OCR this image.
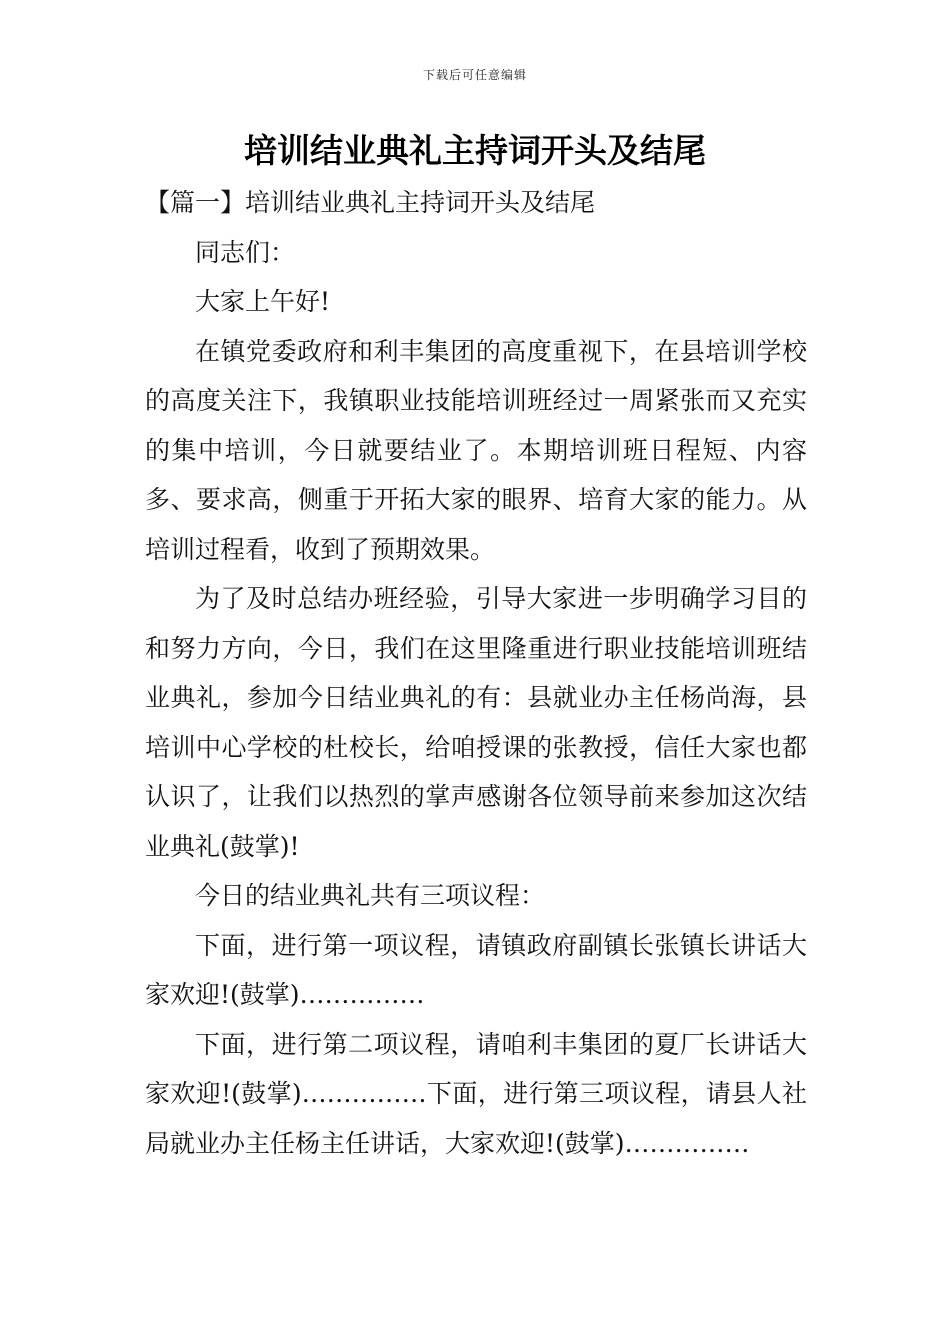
下载后可任意编辑
培训结业典礼主持词开头及结尾

【篇一】培训结业典礼主持词开头及结尾

同志们：

大家上午好!

在镇党委政府和利丰集团的高度重视下，在县培训学校的高度关注下，我镇职业技能培训班经过一周紧张而又充实的集中培训，今日就要结业了。本期培训班日程短、内容多、要求高，侧重于开拓大家的眼界、培育大家的能力。从培训过程看，收到了预期效果。

为了及时总结办班经验，引导大家进一步明确学习目的和努力方向，今日，我们在这里隆重进行职业技能培训班结业典礼，参加今日结业典礼的有：县就业办主任杨尚海，县培训中心学校的杜校长，给咱授课的张教授，信任大家也都认识了，让我们以热烈的掌声感谢各位领导前来参加这次结业典礼(鼓掌)!

今日的结业典礼共有三项议程：

下面，进行第一项议程，请镇政府副镇长张镇长讲话大家欢迎!(鼓掌)……………

下面，进行第二项议程，请咱利丰集团的夏厂长讲话大家欢迎!(鼓掌)……………下面，进行第三项议程，请县人社局就业办主任杨主任讲话，大家欢迎!(鼓掌)……………
